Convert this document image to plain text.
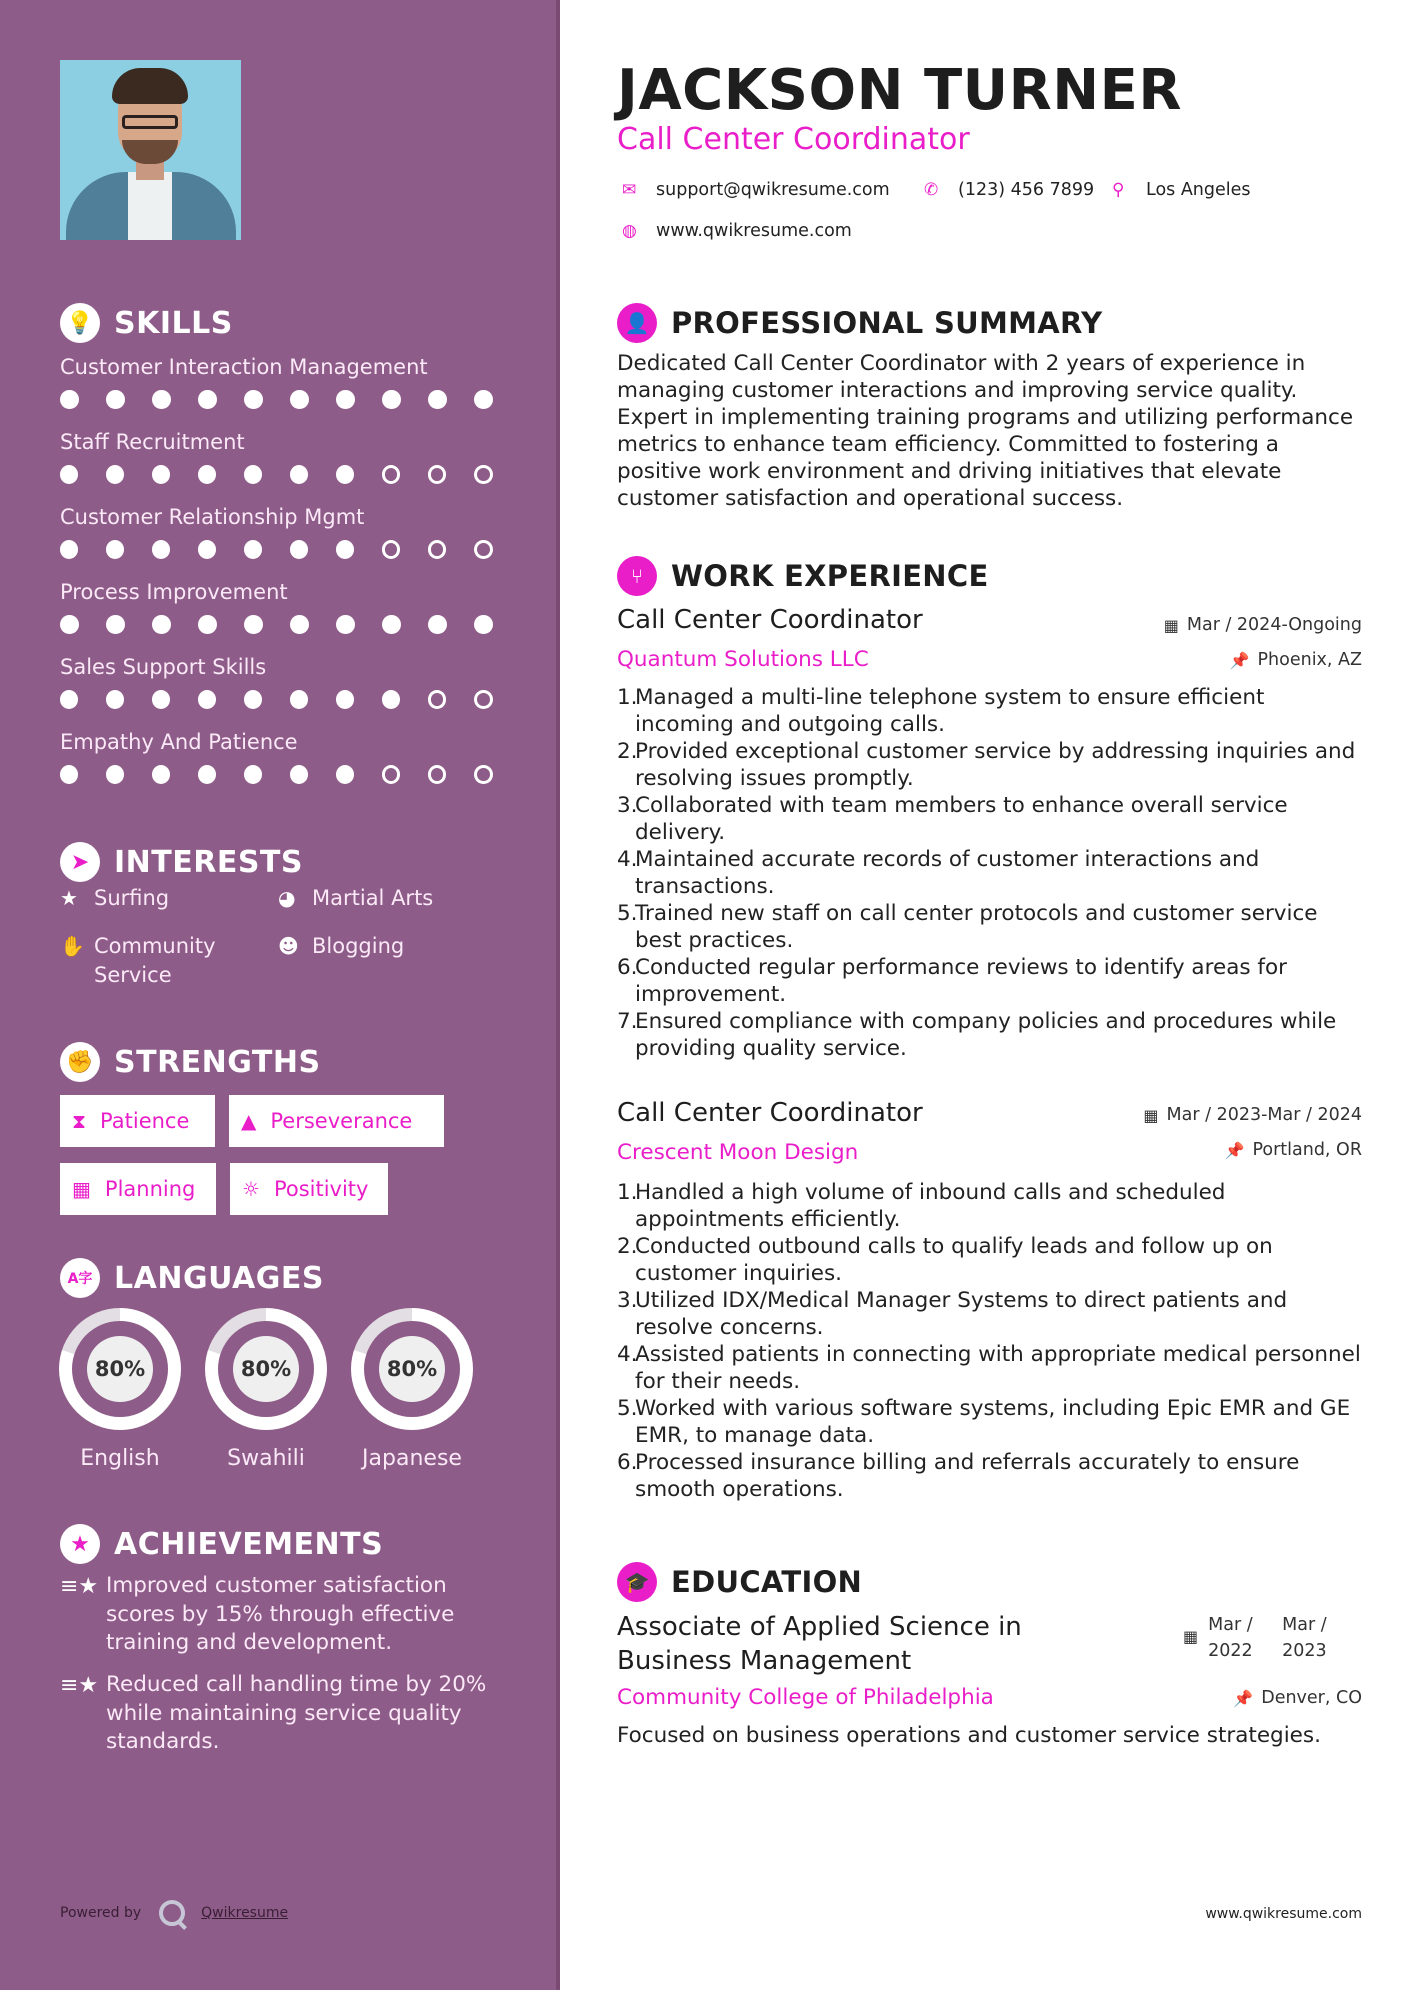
💡 SKILLS
Customer Interaction Management
Staff Recruitment
Customer Relationship Mgmt
Process Improvement
Sales Support Skills
Empathy And Patience
➤ INTERESTS
★ Surfing	◕ Martial Arts
✋ Community Service
☻ Blogging
✊ STRENGTHS
⧗ Patience	▲ Perseverance
▦ Planning ☼ Positivity
A字 LANGUAGES
80%
English
80%
Swahili
80%
Japanese
★ ACHIEVEMENTS
≡★ Improved customer satisfaction scores by 15% through effective training and development.
≡★ Reduced call handling time by 20% while maintaining service quality standards.
Powered by	Qwikresume
JACKSON TURNER
Call Center Coordinator
✉	support@qwikresume.com ✆	(123) 456 7899 ⚲	Los Angeles
◍	www.qwikresume.com
👤 PROFESSIONAL SUMMARY
Dedicated Call Center Coordinator with 2 years of experience in managing customer interactions and improving service quality. Expert in implementing training programs and utilizing performance metrics to enhance team efficiency. Committed to fostering a positive work environment and driving initiatives that elevate customer satisfaction and operational success.
⑂ WORK EXPERIENCE
Call Center Coordinator	▦ Mar / 2024-Ongoing
Quantum Solutions LLC	📌 Phoenix, AZ
1.
Managed a multi-line telephone system to ensure efficient incoming and outgoing calls.
2.
Provided exceptional customer service by addressing inquiries and resolving issues promptly.
3.
Collaborated with team members to enhance overall service delivery.
4.
Maintained accurate records of customer interactions and transactions.
5.
Trained new staff on call center protocols and customer service best practices.
6.
Conducted regular performance reviews to identify areas for improvement.
7.
Ensured compliance with company policies and procedures while providing quality service.
Call Center Coordinator	▦ Mar / 2023-Mar / 2024
Crescent Moon Design	📌 Portland, OR
1.
Handled a high volume of inbound calls and scheduled appointments efficiently.
2.
Conducted outbound calls to qualify leads and follow up on customer inquiries.
3.
Utilized IDX/Medical Manager Systems to direct patients and resolve concerns.
4.
Assisted patients in connecting with appropriate medical personnel for their needs.
5.
Worked with various software systems, including Epic EMR and GE EMR, to manage data.
6.
Processed insurance billing and referrals accurately to ensure smooth operations.
🎓 EDUCATION
Associate of Applied Science in Business Management
▦
Mar /
2022
Mar /
2023
Community College of Philadelphia	📌 Denver, CO
Focused on business operations and customer service strategies.
www.qwikresume.com
